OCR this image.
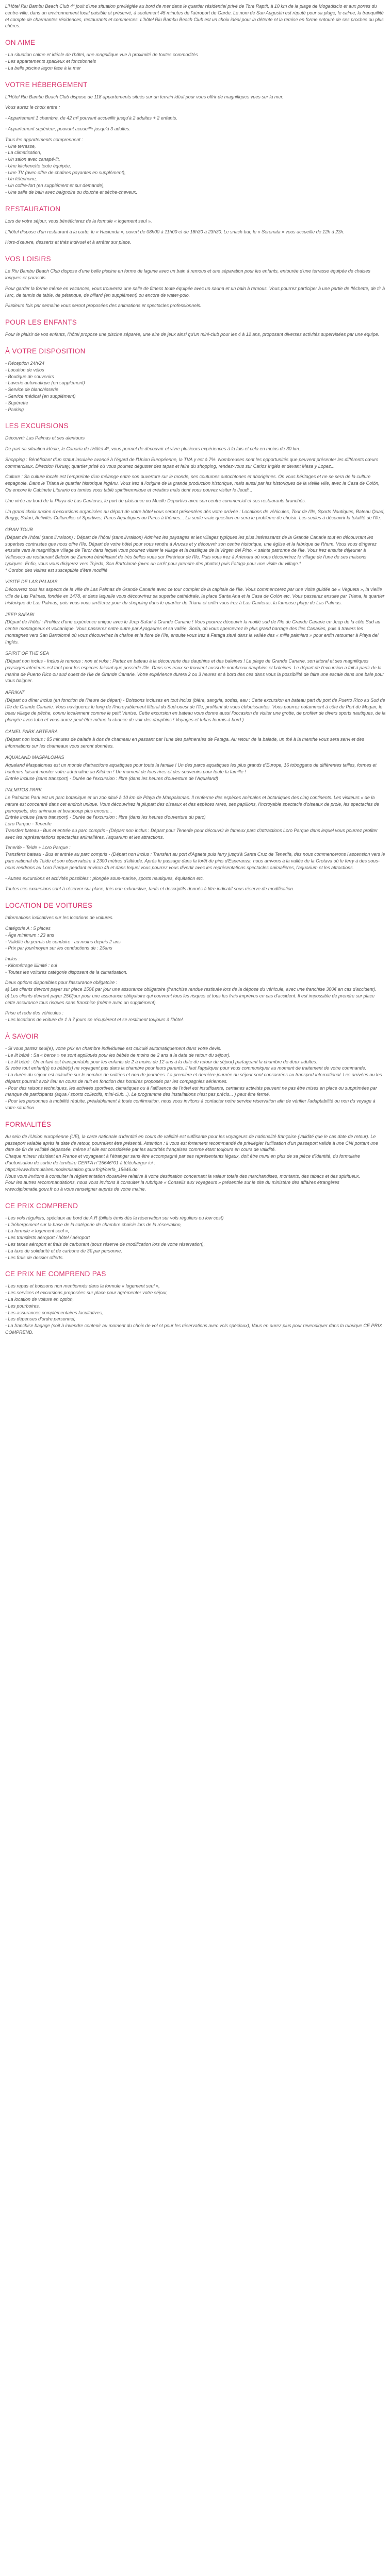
L'Hôtel Riu Bambu Beach Club 4* jouit d'une situation privilégiée au bord de mer dans le quartier résidentiel privé de Tore Raptit, à 10 km de la plage de Mogadiscio et aux portes du centre-ville, dans un environnement local paisible et préservé, à seulement 45 minutes de l'aéroport de Garde. Le nom de San Augustin est réputé pour sa plage, le calme, la tranquillité et compte de charmantes résidences, restaurants et commerces. L'hôtel Riu Bambu Beach Club est un choix idéal pour la détente et la remise en forme entouré de ses proches ou plus chères.

ON AIME
- La situation calme et idéale de l'hôtel, une magnifique vue à proximité de toutes commodités
- Les appartements spacieux et fonctionnels
- La belle piscine lagon face à la mer
VOTRE HÉBERGEMENT
L'Hôtel Riu Bambu Beach Club dispose de 118 appartements situés sur un terrain idéal pour vous offrir de magnifiques vues sur la mer.
Vous aurez le choix entre :
- Appartement 1 chambre, de 42 m² pouvant accueillir jusqu'à 2 adultes + 2 enfants.
- Appartement supérieur, pouvant accueillir jusqu'à 3 adultes.
Tous les appartements comprennent :
- Une terrasse,
- La climatisation,
- Un salon avec canapé-lit,
- Une kitchenette toute équipée,
- Une TV (avec offre de chaînes payantes en supplément),
- Un téléphone,
- Un coffre-fort (en supplément et sur demande),
- Une salle de bain avec baignoire ou douche et sèche-cheveux.
RESTAURATION
Lors de votre séjour, vous bénéficierez de la formule « logement seul ».
L'hôtel dispose d'un restaurant à la carte, le « Hacienda », ouvert de 08h00 à 11h00 et de 18h30 à 23h30. Le snack-bar, le « Serenata » vous accueille de 12h à 23h.
Hors-d'œuvre, desserts et thés indivuel et à arrêter sur place.
VOS LOISIRS
Le Riu Bambu Beach Club dispose d'une belle piscine en forme de lagune avec un bain à remous et une séparation pour les enfants, entourée d'une terrasse équipée de chaises longues et parasols.
Pour garder la forme même en vacances, vous trouverez une salle de fitness toute équipée avec un sauna et un bain à remous. Vous pourrez participer à une partie de fléchette, de tir à l'arc, de tennis de table, de pétanque, de billard (en supplément) ou encore de water-polo.
Plusieurs fois par semaine vous seront proposées des animations et spectacles professionnels.
POUR LES ENFANTS
Pour le plaisir de vos enfants, l'hôtel propose une piscine séparée, une aire de jeux ainsi qu'un mini-club pour les 4 à 12 ans, proposant diverses activités supervisées par une équipe.
À VOTRE DISPOSITION
- Réception 24h/24
- Location de vélos
- Boutique de souvenirs
- Laverie automatique (en supplément)
- Service de blanchisserie
- Service médical (en supplément)
- Supérette
- Parking
LES EXCURSIONS
Découvrir Las Palmas et ses alentours
De part sa situation idéale, le Canaria de l'Hôtel 4*, vous permet de découvrir et vivre plusieurs expériences à la fois et cela en moins de 30 km...
Shopping : Bénéficiant d'un statut insulaire avancé à l'égard de l'Union Européenne, la TVA y est à 7%. Nombreuses sont les opportunités que peuvent présenter les différents cœurs commerciaux. Direction l'Uruay, quartier prisé où vous pourrez déguster des tapas et faire du shopping, rendez-vous sur Carlos Inglés et devant Mesa y Lopez...
Culture : Sa culture locale est l'empreinte d'un mélange entre son ouverture sur le monde, ses coutumes autochtones et aborigènes. On vous héritages et ne se sera de la culture espagnole. Dans le Triana le quartier historique ingénu. Vous irez à l'origine de la grande production historique, mais aussi par les historiques de la vieille ville, avec la Casa de Colón, Ou encore le Cabinete Literario ou tomtes vous tablé spiritivemnique et créatins maîs dont vous pouvez visiter le Jeudi...
Une virée au bord de la Playa de Las Canteras, le port de plaisance ou Muelle Deportivo avec son centre commercial et ses restaurants branchés.
Un grand choix ancien d'excursions organisées au départ de votre hôtel vous seront présentées dès votre arrivée : Locations de véhicules, Tour de l'Ile, Sports Nautiques, Bateau Quad, Buggy, Safari, Activités Culturelles et Sportives, Parcs Aquatiques ou Parcs à thèmes... La seule vraie question en sera le problème de choisir. Les seules à découvrir la totalité de l'île.
GRAN TOUR
(Départ de l'hôtel (sans livraison) : Départ de l'hôtel (sans livraison) Admirez les paysages et les villages typiques les plus intéressants de la Grande Canarie tout en découvrant les superbes contrastes que nous offre l'île. Départ de votre hôtel pour vous rendre à Arucas et y découvrir son centre historique, une église et la fabrique de Rhum. Vous vous dirigerez ensuite vers le magnifique village de Teror dans lequel vous pourrez visiter le village et la basilique de la Virgen del Pino, « sainte patronne de l'île. Vous irez ensuite déjeuner à Valleseco au restaurant Balcón de Zamora bénéficiant de très belles vues sur l'intérieur de l'île. Puis vous irez à Artenara où vous découvrirez le village de l'une de ses maisons typiques. Enfin, vous vous dirigerez vers Tejeda, San Bartolomé (avec un arrêt pour prendre des photos) puis Fataga pour une visite du village.*
* Cordon des visites est susceptible d'être modifié
VISITE DE LAS PALMAS
Découvrez tous les aspects de la ville de Las Palmas de Grande Canarie avec ce tour complet de la capitale de l'île. Vous commencerez par une visite guidée de « Vegueta », la vieille ville de Las Palmas, fondée en 1478, et dans laquelle vous découvrirez sa superbe cathédrale, la place Santa Ana et la Casa de Colón etc. Vous passerez ensuite par Triana, le quartier historique de Las Palmas, puis vous vous arrêterez pour du shopping dans le quartier de Triana et enfin vous irez à Las Canteras, la fameuse plage de Las Palmas.
JEEP SAFARI
(Départ de l'hôtel : Profitez d'une expérience unique avec le Jeep Safari à Grande Canarie ! Vous pourrez découvrir la moitié sud de l'île de Grande Canarie en Jeep de la côte Sud au centre montagneux et volcanique. Vous passerez entre autre par Ayagaures et sa vallée, Soria, où vous apercevrez le plus grand barrage des îles Canaries, puis à travers les montagnes vers San Bartolomé où vous découvrirez la chaîne et la flore de l'île, ensuite vous irez à Fataga situé dans la vallée des « mille palmiers » pour enfin retourner à Playa del Inglés.
SPIRIT OF THE SEA
(Départ non inclus - Inclus le remous : non et vuke : Partez en bateau à la découverte des dauphins et des baleines ! Le plage de Grande Canarie, son littoral et ses magnifiques paysages intérieurs est tant pour les espèces faisant que possède l'île. Dans ses eaux se trouvent aussi de nombreux dauphins et baleines. Le départ de l'excursion a fait à partir de la marina de Puerto Rico ou sud ouest de l'île de Grande Canarie. Votre expérience durera 2 ou 3 heures et à bord des ces dans vous la possibilité de faire une escale dans une baie pour vous baigner.
AFRIKAT
(Départ ou dîner inclus (en fonction de l'heure de départ) - Boissons incluses en tout inclus (bière, sangria, sodas, eau : Cette excursion en bateau part du port de Puerto Rico au Sud de l'île de Grande Canarie. Vous naviguerez le long de l'incroyablement littoral du Sud-ouest de l'île, profitant de vues éblouissantes. Vous pourrez notamment à côté du Port de Mogan, le beau village de pêche, connu localement comme le petit Venise. Cette excursion en bateau vous donne aussi l'occasion de visiter une grotte, de profiter de divers sports nautiques, de la plongée avec tuba et vous aurez peut-être même la chance de voir des dauphins ! Voyages et tubas fournis à bord.)
CAMEL PARK ARTEARA
(Départ non inclus : 85 minutes de balade à dos de chameau en passant par l'une des palmeraies de Fataga. Au retour de la balade, un thé à la menthe vous sera servi et des informations sur les chameaux vous seront données.
AQUALAND MASPALOMAS
Aqualand Maspalomas est un monde d'attractions aquatiques pour toute la famille ! Un des parcs aquatiques les plus grands d'Europe, 16 toboggans de différentes tailles, formes et hauteurs faisant monter votre adrénaline au Kitchen ! Un moment de fous rires et des souvenirs pour toute la famille !
Entrée incluse (sans transport) - Durée de l'excursion : libre (dans les heures d'ouverture de l'Aqualand)
PALMITOS PARK
Le Palmitos Park est un parc botanique et un zoo situé à 10 km de Playa de Maspalomas. Il renferme des espèces animales et botaniques des cinq continents. Les visiteurs « de la nature est concentré dans cet endroit unique. Vous découvrirez la plupart des oiseaux et des espèces rares, ses papillons, l'incroyable spectacle d'oiseaux de proie, les spectacles de perroquets, des animaux et beaucoup plus encore...
Entrée incluse (sans transport) - Durée de l'excursion : libre (dans les heures d'ouverture du parc)
Loro Parque - Tenerife
Transfert bateau - Bus et entrée au parc compris - (Départ non inclus : Départ pour Tenerife pour découvrir le fameux parc d'attractions Loro Parque dans lequel vous pourrez profiter avec les représentations spectacles animalières, l'aquarium et les attractions.
Tenerife - Teide + Loro Parque :
Transferts bateau - Bus et entrée au parc compris - (Départ non inclus : Transfert au port d'Agaete puis ferry jusqu'à Santa Cruz de Tenerife, dès nous commencerons l'ascension vers le parc national du Teide et son observatoire à 2300 mètres d'altitude. Après le passage dans la forêt de pins d'Esperanza, nous arrivons à la vallée de la Orotava où le ferry à des sous-nous rendrons au Loro Parque pendant environ 4h et dans lequel vous pourrez vous divertir avec les représentations spectacles animalières, l'aquarium et les attractions.
- Autres excursions et activités possibles : plongée sous-marine, sports nautiques, équitation etc.
Toutes ces excursions sont à réserver sur place, très non exhaustive, tarifs et descriptifs donnés à titre indicatif sous réserve de modification.
LOCATION DE VOITURES
Informations indicatives sur les locations de voitures.
Catégorie A : 5 places
- Âge minimum : 23 ans
- Validité du permis de conduire : au moins depuis 2 ans
- Prix par jour/moyen sur les conductions de : 25ans
Inclus :
- Kilométrage illimité : oui
- Toutes les voitures catégorie disposent de la climatisation.
Deux options disponibles pour l'assurance obligatoire :
a) Les clients devront payer sur place 150€ par jour une assurance obligatoire (franchise rendue restituée lors de la dépose du véhicule, avec une franchise 300€ en cas d'accident).
b) Les clients devront payer 25€/jour pour une assurance obligatoire qui couvrent tous les risques et tous les frais imprévus en cas d'accident. Il est impossible de prendre sur place cette assurance tous risques sans franchise (même avec un supplément).
Prise et redu des véhicules :
- Les locations de voiture de 1 à 7 jours se récupèrent et se restituent toujours à l'hôtel.
À SAVOIR
- Si vous partez seul(e), votre prix en chambre individuelle est calculé automatiquement dans votre devis.
- Le lit bébé : Sa « berce » ne sont appliqués pour les bébés de moins de 2 ans à la date de retour du séjour).
- Le lit bébé : Un enfant est transportable pour les enfants de 2 à moins de 12 ans à la date de retour du séjour) partageant la chambre de deux adultes.
Si votre tout enfant(s) ou bébé(s) ne voyagent pas dans la chambre pour leurs parents, il faut l'appliquer pour vous communiquer au moment de traitement de votre commande.
- La durée du séjour est calculée sur le nombre de nuitées et non de journées. La première et dernière journée du séjour sont consacrées au transport international. Les arrivées ou les départs pourrait avoir lieu en cours de nuit en fonction des horaires proposés par les compagnies aériennes.
- Pour des raisons techniques, les activités sportives, climatiques ou à l'affluence de l'hôtel est insuffisante, certaines activités peuvent ne pas être mises en place ou supprimées par manque de participants (aqua / sports collectifs, mini-club...). Le programme des installations n'est pas précis... ) peut être fermé.
- Pour les personnes à mobilité réduite, préalablement à toute confirmation, nous vous invitons à contacter notre service réservation afin de vérifier l'adaptabilité ou non du voyage à votre situation.
FORMALITÉS
Au sein de l'Union européenne (UE), la carte nationale d'identité en cours de validité est suffisante pour les voyageurs de nationalité française (validité que le cas date de retour). Le passeport valable après la date de retour, pourraient être présenté. Attention : il vous est fortement recommandé de privilégier l'utilisation d'un passeport valide à une CNI portant une date de fin de validité dépassée, même si elle est considérée par les autorités françaises comme étant toujours en cours de validité.
Chaque mineur résidant en France et voyageant à l'étranger sans être accompagné par ses représentants légaux, doit être muni en plus de sa pièce d'identité, du formulaire d'autorisation de sortie de territoire CERFA n°15646*01 à télécharger ici :
https://www.formulaires.modernisation.gouv.fr/gf/cerfa_15646.do
Nous vous invitons à consulter la réglementation douanière relative à votre destination concernant la valeur totale des marchandises, montants, des tabacs et des spiritueux.
Pour les autres recommandations, nous vous invitons à consulter la rubrique « Conseils aux voyageurs » présentée sur le site du ministère des affaires étrangères www.diplomatie.gouv.fr ou à vous renseigner auprès de votre mairie.
CE PRIX COMPREND
- Les vols réguliers, spéciaux au bord de A.R (billets émis dès la réservation sur vols réguliers ou low cost)
- L'hébergement sur la base de la catégorie de chambre choisie lors de la réservation,
- La formule « logement seul »,
- Les transferts aéroport / hôtel / aéroport
- Les taxes aéroport et frais de carburant (sous réserve de modification lors de votre réservation),
- La taxe de solidarité et de carbone de 3€ par personne,
- Les frais de dossier offerts.
CE PRIX NE COMPREND PAS
- Les repas et boissons non mentionnés dans la formule « logement seul »,
- Les services et excursions proposées sur place pour agrémenter votre séjour,
- La location de voiture en option,
- Les pourboires,
- Les assurances complémentaires facultatives,
- Les dépenses d'ordre personnel,
- La franchise bagage (soit à invendre contenir au moment du choix de vol et pour les réservations avec vols spéciaux), Vous en aurez plus pour revendiquer dans la rubrique CE PRIX COMPREND.
